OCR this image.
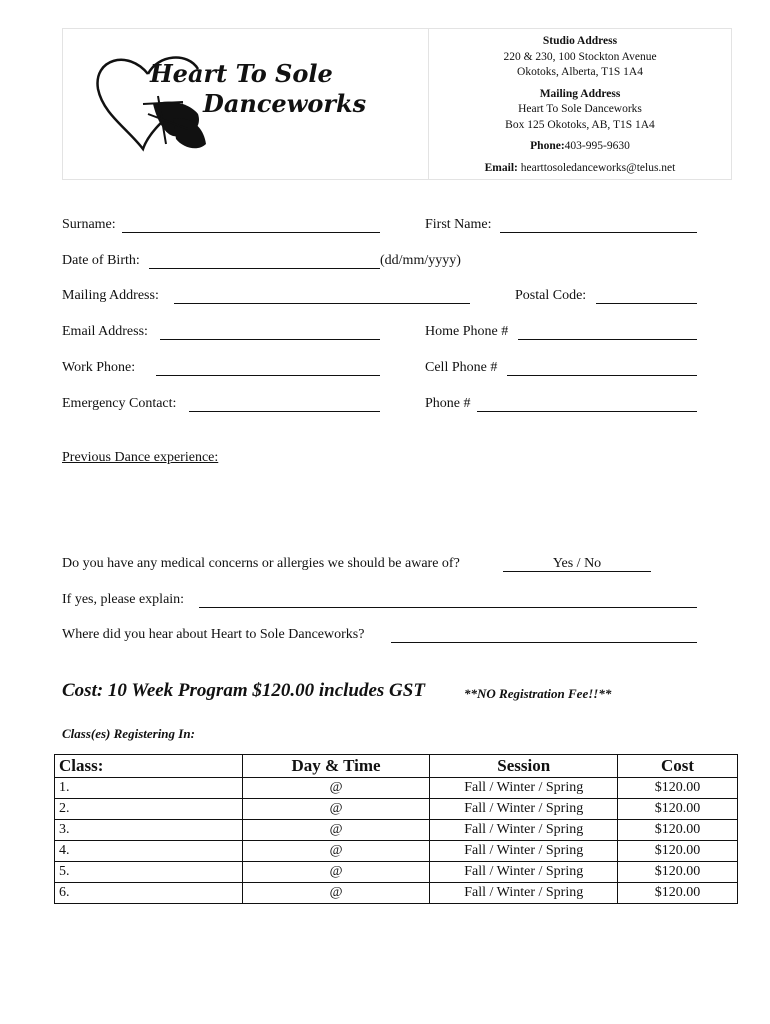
Heart To Sole
Danceworks
Studio Address
220 & 230, 100 Stockton Avenue
Okotoks, Alberta, T1S 1A4
Mailing Address
Heart To Sole Danceworks
Box 125 Okotoks, AB, T1S 1A4
Phone:403-995-9630
Email: hearttosoledanceworks@telus.net
Surname:	First Name:
Date of Birth:	(dd/mm/yyyy)
Mailing Address:	Postal Code:
Email Address:	Home Phone #
Work Phone:	Cell Phone #
Emergency Contact:	Phone #
Previous Dance experience:
Do you have any medical concerns or allergies we should be aware of?	Yes / No
If yes, please explain:
Where did you hear about Heart to Sole Danceworks?
Cost: 10 Week Program $120.00 includes GST	**NO Registration Fee!!**
Class(es) Registering In:
Class:	Day & Time	Session	Cost
1.	@	Fall / Winter / Spring	$120.00
2.	@	Fall / Winter / Spring	$120.00
3.	@	Fall / Winter / Spring	$120.00
4.	@	Fall / Winter / Spring	$120.00
5.	@	Fall / Winter / Spring	$120.00
6.	@	Fall / Winter / Spring	$120.00
